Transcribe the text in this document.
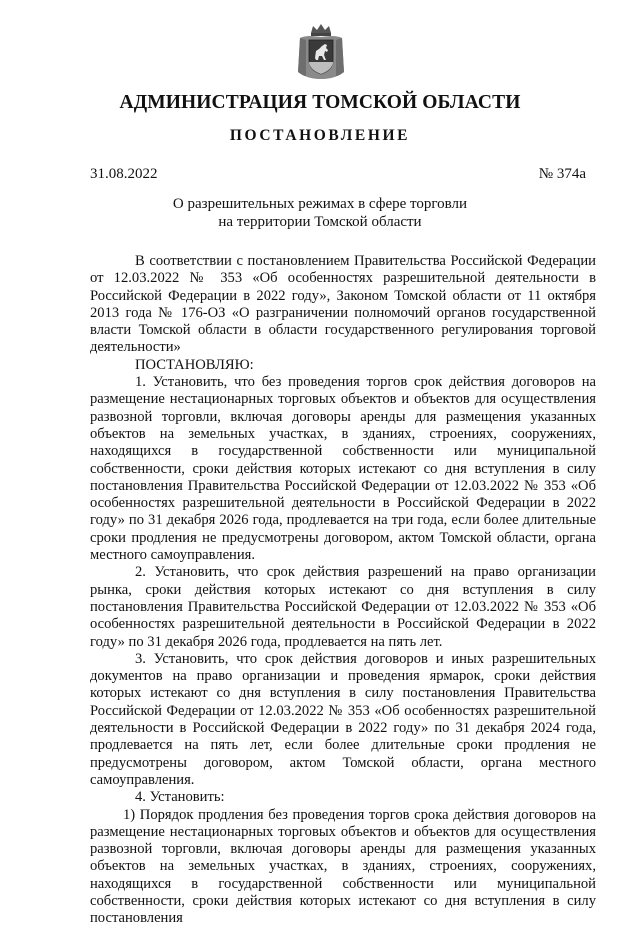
АДМИНИСТРАЦИЯ ТОМСКОЙ ОБЛАСТИ
ПОСТАНОВЛЕНИЕ
31.08.2022	№ 374а
О разрешительных режимах в сфере торговли
на территории Томской области

В соответствии с постановлением Правительства Российской Федерации от 12.03.2022 № 353 «Об особенностях разрешительной деятельности в Российской Федерации в 2022 году», Законом Томской области от 11 октября 2013 года № 176-ОЗ «О разграничении полномочий органов государственной власти Томской области в области государственного регулирования торговой деятельности»

ПОСТАНОВЛЯЮ:

1. Установить, что без проведения торгов срок действия договоров на размещение нестационарных торговых объектов и объектов для осуществления развозной торговли, включая договоры аренды для размещения указанных объектов на земельных участках, в зданиях, строениях, сооружениях, находящихся в государственной собственности или муниципальной собственности, сроки действия которых истекают со дня вступления в силу постановления Правительства Российской Федерации от 12.03.2022 № 353 «Об особенностях разрешительной деятельности в Российской Федерации в 2022 году» по 31 декабря 2026 года, продлевается на три года, если более длительные сроки продления не предусмотрены договором, актом Томской области, органа местного самоуправления.

2. Установить, что срок действия разрешений на право организации рынка, сроки действия которых истекают со дня вступления в силу постановления Правительства Российской Федерации от 12.03.2022 № 353 «Об особенностях разрешительной деятельности в Российской Федерации в 2022 году» по 31 декабря 2026 года, продлевается на пять лет.

3. Установить, что срок действия договоров и иных разрешительных документов на право организации и проведения ярмарок, сроки действия которых истекают со дня вступления в силу постановления Правительства Российской Федерации от 12.03.2022 № 353 «Об особенностях разрешительной деятельности в Российской Федерации в 2022 году» по 31 декабря 2024 года, продлевается на пять лет, если более длительные сроки продления не предусмотрены договором, актом Томской области, органа местного самоуправления.

4. Установить:

1) Порядок продления без проведения торгов срока действия договоров на размещение нестационарных торговых объектов и объектов для осуществления развозной торговли, включая договоры аренды для размещения указанных объектов на земельных участках, в зданиях, строениях, сооружениях, находящихся в государственной собственности или муниципальной собственности, сроки действия которых истекают со дня вступления в силу постановления
